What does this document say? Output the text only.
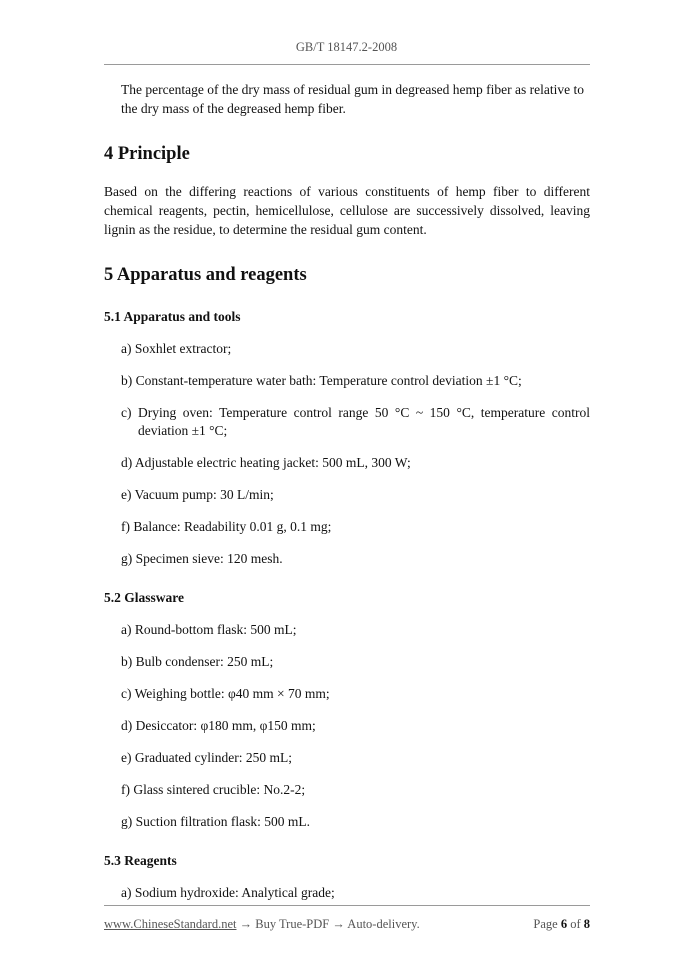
GB/T 18147.2-2008

The percentage of the dry mass of residual gum in degreased hemp fiber as relative to the dry mass of the degreased hemp fiber.

4 Principle

Based on the differing reactions of various constituents of hemp fiber to different chemical reagents, pectin, hemicellulose, cellulose are successively dissolved, leaving lignin as the residue, to determine the residual gum content.

5 Apparatus and reagents
5.1 Apparatus and tools
a) Soxhlet extractor;
b) Constant-temperature water bath: Temperature control deviation ±1 °C;
c) Drying oven: Temperature control range 50 °C ~ 150 °C, temperature control deviation ±1 °C;
d) Adjustable electric heating jacket: 500 mL, 300 W;
e) Vacuum pump: 30 L/min;
f) Balance: Readability 0.01 g, 0.1 mg;
g) Specimen sieve: 120 mesh.
5.2 Glassware
a) Round-bottom flask: 500 mL;
b) Bulb condenser: 250 mL;
c) Weighing bottle: φ40 mm × 70 mm;
d) Desiccator: φ180 mm, φ150 mm;
e) Graduated cylinder: 250 mL;
f) Glass sintered crucible: No.2-2;
g) Suction filtration flask: 500 mL.
5.3 Reagents
a) Sodium hydroxide: Analytical grade;
www.ChineseStandard.net → Buy True-PDF → Auto-delivery.	Page 6 of 8
